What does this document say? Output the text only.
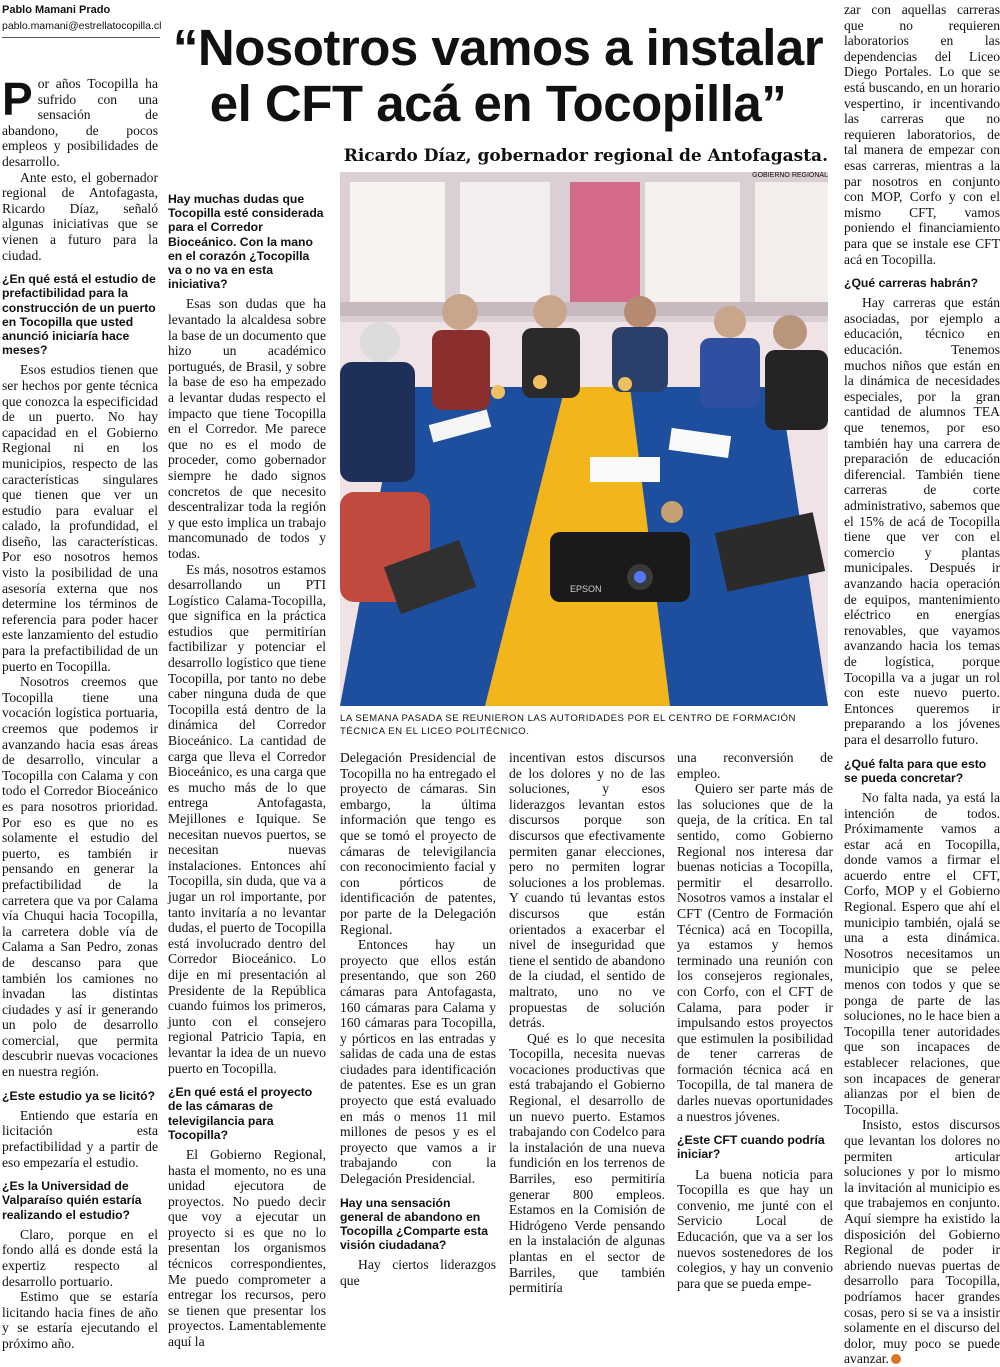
Pablo Mamani Prado
pablo.mamani@estrellatocopilla.cl “Nosotros vamos a instalar el CFT acá en Tocopilla”
Ricardo Díaz, gobernador regional de Antofagasta.
P or años Tocopilla ha sufrido con una sensación de abandono, de pocos empleos y posibilidades de desarrollo.

Ante esto, el gobernador regional de Antofagasta, Ricardo Díaz, señaló algunas iniciativas que se vienen a futuro para la ciudad.

¿En qué está el estudio de prefactibilidad para la construcción de un puerto en Tocopilla que usted anunció iniciaría hace meses?

Esos estudios tienen que ser hechos por gente técnica que conozca la especificidad de un puerto. No hay capacidad en el Gobierno Regional ni en los municipios, respecto de las características singulares que tienen que ver un estudio para evaluar el calado, la profundidad, el diseño, las características. Por eso nosotros hemos visto la posibilidad de una asesoría externa que nos determine los términos de referencia para poder hacer este lanzamiento del estudio para la prefactibilidad de un puerto en Tocopilla.

Nosotros creemos que Tocopilla tiene una vocación logística portuaria, creemos que podemos ir avanzando hacia esas áreas de desarrollo, vincular a Tocopilla con Calama y con todo el Corredor Bioceánico es para nosotros prioridad. Por eso es que no es solamente el estudio del puerto, es también ir pensando en generar la prefactibilidad de la carretera que va por Calama vía Chuqui hacia Tocopilla, la carretera doble vía de Calama a San Pedro, zonas de descanso para que también los camiones no invadan las distintas ciudades y así ir generando un polo de desarrollo comercial, que permita descubrir nuevas vocaciones en nuestra región.

¿Este estudio ya se licitó?

Entiendo que estaría en licitación esta prefactibilidad y a partir de eso empezaría el estudio.

¿Es la Universidad de Valparaíso quién estaría realizando el estudio?

Claro, porque en el fondo allá es donde está la expertiz respecto al desarrollo portuario.

Estimo que se estaría licitando hacia fines de año y se estaría ejecutando el próximo año.

Hay muchas dudas que Tocopilla esté considerada para el Corredor Bioceánico. Con la mano en el corazón ¿Tocopilla va o no va en esta iniciativa?

Esas son dudas que ha levantado la alcaldesa sobre la base de un documento que hizo un académico portugués, de Brasil, y sobre la base de eso ha empezado a levantar dudas respecto el impacto que tiene Tocopilla en el Corredor. Me parece que no es el modo de proceder, como gobernador siempre he dado signos concretos de que necesito descentralizar toda la región y que esto implica un trabajo mancomunado de todos y todas.

Es más, nosotros estamos desarrollando un PTI Logístico Calama-Tocopilla, que significa en la práctica estudios que permitirían factibilizar y potenciar el desarrollo logístico que tiene Tocopilla, por tanto no debe caber ninguna duda de que Tocopilla está dentro de la dinámica del Corredor Bioceánico. La cantidad de carga que lleva el Corredor Bioceánico, es una carga que es mucho más de lo que entrega Antofagasta, Mejillones e Iquique. Se necesitan nuevos puertos, se necesitan nuevas instalaciones. Entonces ahí Tocopilla, sin duda, que va a jugar un rol importante, por tanto invitaría a no levantar dudas, el puerto de Tocopilla está involucrado dentro del Corredor Bioceánico. Lo dije en mi presentación al Presidente de la República cuando fuimos los primeros, junto con el consejero regional Patricio Tapia, en levantar la idea de un nuevo puerto en Tocopilla.

¿En qué está el proyecto de las cámaras de televigilancia para Tocopilla?

El Gobierno Regional, hasta el momento, no es una unidad ejecutora de proyectos. No puedo decir que voy a ejecutar un proyecto si es que no lo presentan los organismos técnicos correspondientes, Me puedo comprometer a entregar los recursos, pero se tienen que presentar los proyectos. Lamentablemente aquí la

Delegación Presidencial de Tocopilla no ha entregado el proyecto de cámaras. Sin embargo, la última información que tengo es que se tomó el proyecto de cámaras de televigilancia con reconocimiento facial y con pórticos de identificación de patentes, por parte de la Delegación Regional.

Entonces hay un proyecto que ellos están presentando, que son 260 cámaras para Antofagasta, 160 cámaras para Calama y 160 cámaras para Tocopilla, y pórticos en las entradas y salidas de cada una de estas ciudades para identificación de patentes. Ese es un gran proyecto que está evaluado en más o menos 11 mil millones de pesos y es el proyecto que vamos a ir trabajando con la Delegación Presidencial.

Hay una sensación general de abandono en Tocopilla ¿Comparte esta visión ciudadana?

Hay ciertos liderazgos que

incentivan estos discursos de los dolores y no de las soluciones, y esos liderazgos levantan estos discursos porque son discursos que efectivamente permiten ganar elecciones, pero no permiten lograr soluciones a los problemas. Y cuando tú levantas estos discursos que están orientados a exacerbar el nivel de inseguridad que tiene el sentido de abandono de la ciudad, el sentido de maltrato, uno no ve propuestas de solución detrás.

Qué es lo que necesita Tocopilla, necesita nuevas vocaciones productivas que está trabajando el Gobierno Regional, el desarrollo de un nuevo puerto. Estamos trabajando con Codelco para la instalación de una nueva fundición en los terrenos de Barriles, eso permitiría generar 800 empleos. Estamos en la Comisión de Hidrógeno Verde pensando en la instalación de algunas plantas en el sector de Barriles, que también permitiría

una reconversión de empleo.

Quiero ser parte más de las soluciones que de la queja, de la crítica. En tal sentido, como Gobierno Regional nos interesa dar buenas noticias a Tocopilla, permitir el desarrollo. Nosotros vamos a instalar el CFT (Centro de Formación Técnica) acá en Tocopilla, ya estamos y hemos terminado una reunión con los consejeros regionales, con Corfo, con el CFT de Calama, para poder ir impulsando estos proyectos que estimulen la posibilidad de tener carreras de formación técnica acá en Tocopilla, de tal manera de darles nuevas oportunidades a nuestros jóvenes.

¿Este CFT cuando podría iniciar?

La buena noticia para Tocopilla es que hay un convenio, me junté con el Servicio Local de Educación, que va a ser los nuevos sostenedores de los colegios, y hay un convenio para que se pueda empe-

zar con aquellas carreras que no requieren laboratorios en las dependencias del Liceo Diego Portales. Lo que se está buscando, en un horario vespertino, ir incentivando las carreras que no requieren laboratorios, de tal manera de empezar con esas carreras, mientras a la par nosotros en conjunto con MOP, Corfo y con el mismo CFT, vamos poniendo el financiamiento para que se instale ese CFT acá en Tocopilla.

¿Qué carreras habrán?

Hay carreras que están asociadas, por ejemplo a educación, técnico en educación. Tenemos muchos niños que están en la dinámica de necesidades especiales, por la gran cantidad de alumnos TEA que tenemos, por eso también hay una carrera de preparación de educación diferencial. También tiene carreras de corte administrativo, sabemos que el 15% de acá de Tocopilla tiene que ver con el comercio y plantas municipales. Después ir avanzando hacia operación de equipos, mantenimiento eléctrico en energías renovables, que vayamos avanzando hacia los temas de logística, porque Tocopilla va a jugar un rol con este nuevo puerto. Entonces queremos ir preparando a los jóvenes para el desarrollo futuro.

¿Qué falta para que esto se pueda concretar?

No falta nada, ya está la intención de todos. Próximamente vamos a estar acá en Tocopilla, donde vamos a firmar el acuerdo entre el CFT, Corfo, MOP y el Gobierno Regional. Espero que ahí el municipio también, ojalá se una a esta dinámica. Nosotros necesitamos un municipio que se pelee menos con todos y que se ponga de parte de las soluciones, no le hace bien a Tocopilla tener autoridades que son incapaces de establecer relaciones, que son incapaces de generar alianzas por el bien de Tocopilla.

Insisto, estos discursos que levantan los dolores no permiten articular soluciones y por lo mismo la invitación al municipio es que trabajemos en conjunto. Aquí siempre ha existido la disposición del Gobierno Regional de poder ir abriendo nuevas puertas de desarrollo para Tocopilla, podríamos hacer grandes cosas, pero si se va a insistir solamente en el discurso del dolor, muy poco se puede avanzar.

EPSON
GOBIERNO REGIONAL
LA SEMANA PASADA SE REUNIERON LAS AUTORIDADES POR EL CENTRO DE FORMACIÓN TÉCNICA EN EL LICEO POLITÉCNICO.
